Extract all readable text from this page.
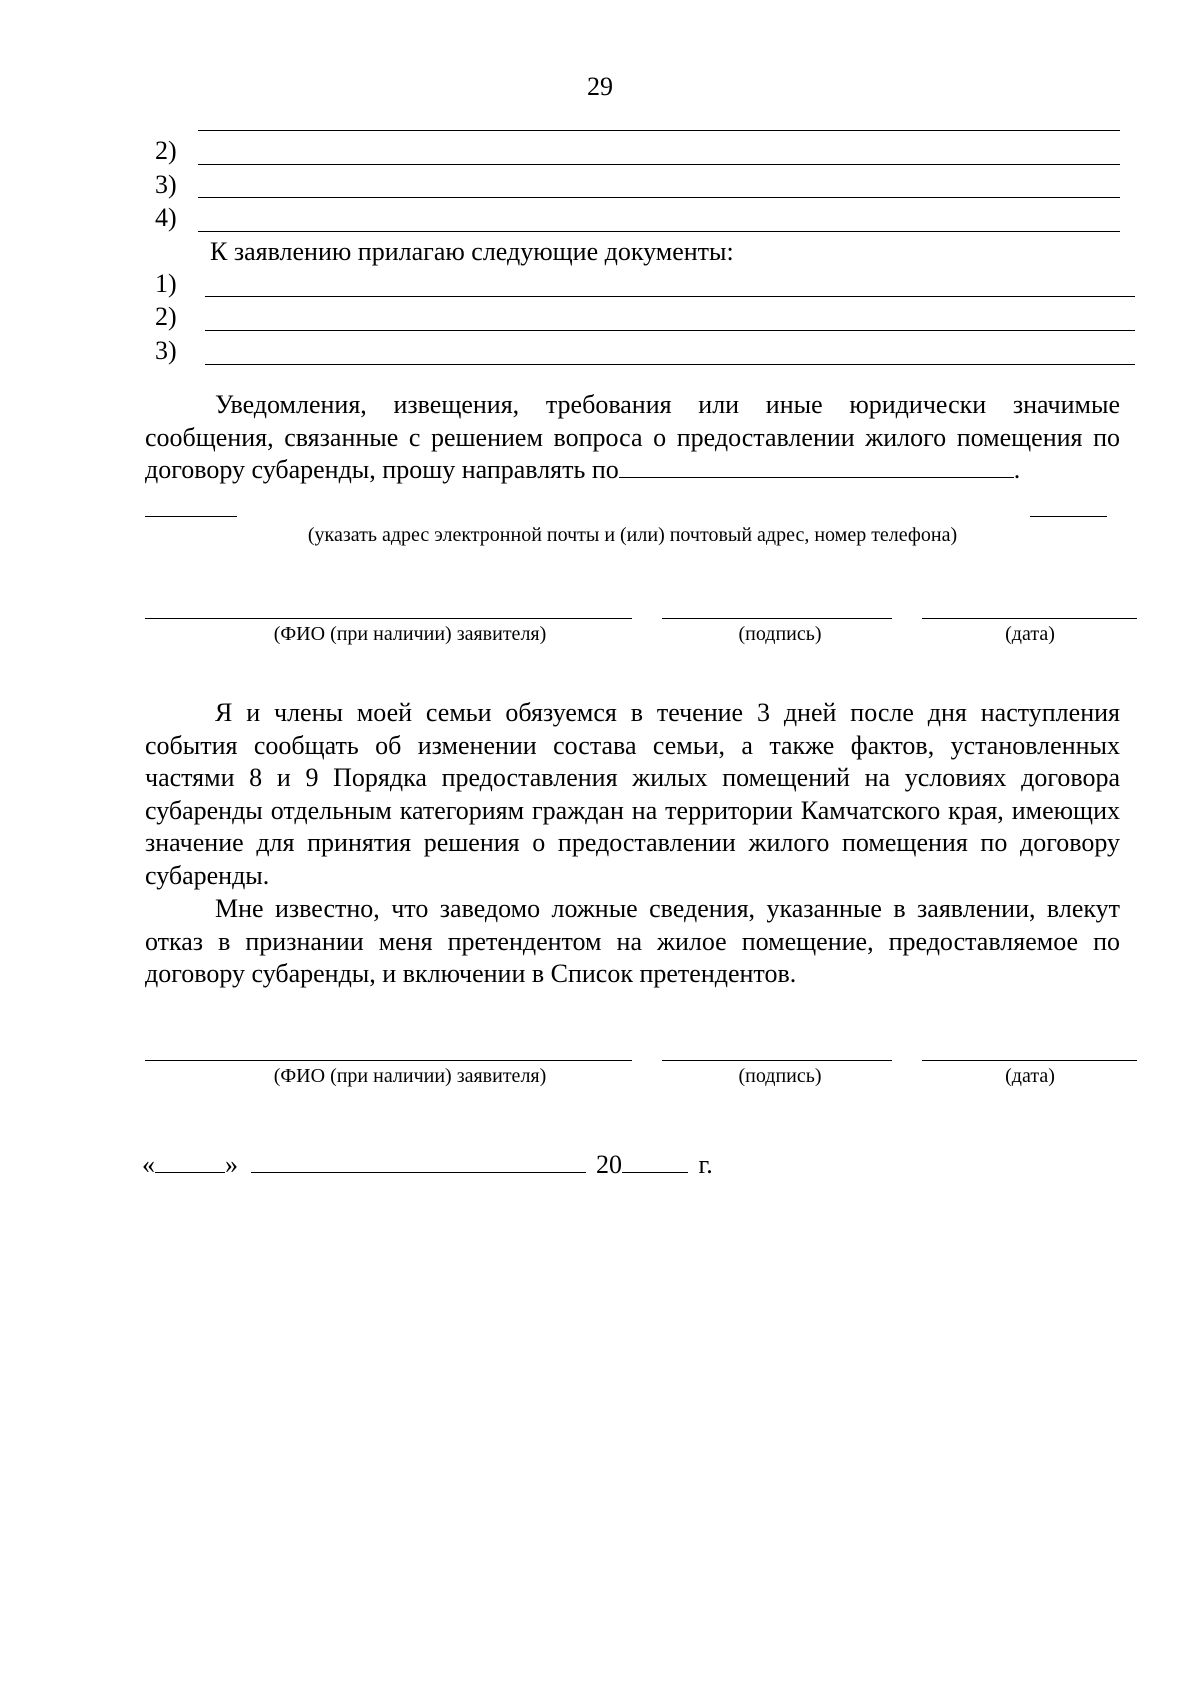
29
2)
3)
4)
К заявлению прилагаю следующие документы:
1)
2)
3)

Уведомления, извещения, требования или иные юридически значимые сообщения, связанные с решением вопроса о предоставлении жилого помещения по договору субаренды, прошу направлять по	.

(указать адрес электронной почты и (или) почтовый адрес, номер телефона)
(ФИО (при наличии) заявителя)	(подпись)	(дата)

Я и члены моей семьи обязуемся в течение 3 дней после дня наступления события сообщать об изменении состава семьи, а также фактов, установленных частями 8 и 9 Порядка предоставления жилых помещений на условиях договора субаренды отдельным категориям граждан на территории Камчатского края, имеющих значение для принятия решения о предоставлении жилого помещения по договору субаренды.

Мне известно, что заведомо ложные сведения, указанные в заявлении, влекут отказ в признании меня претендентом на жилое помещение, предоставляемое по договору субаренды, и включении в Список претендентов.

(ФИО (при наличии) заявителя)	(подпись)	(дата)
«	»	20	г.
